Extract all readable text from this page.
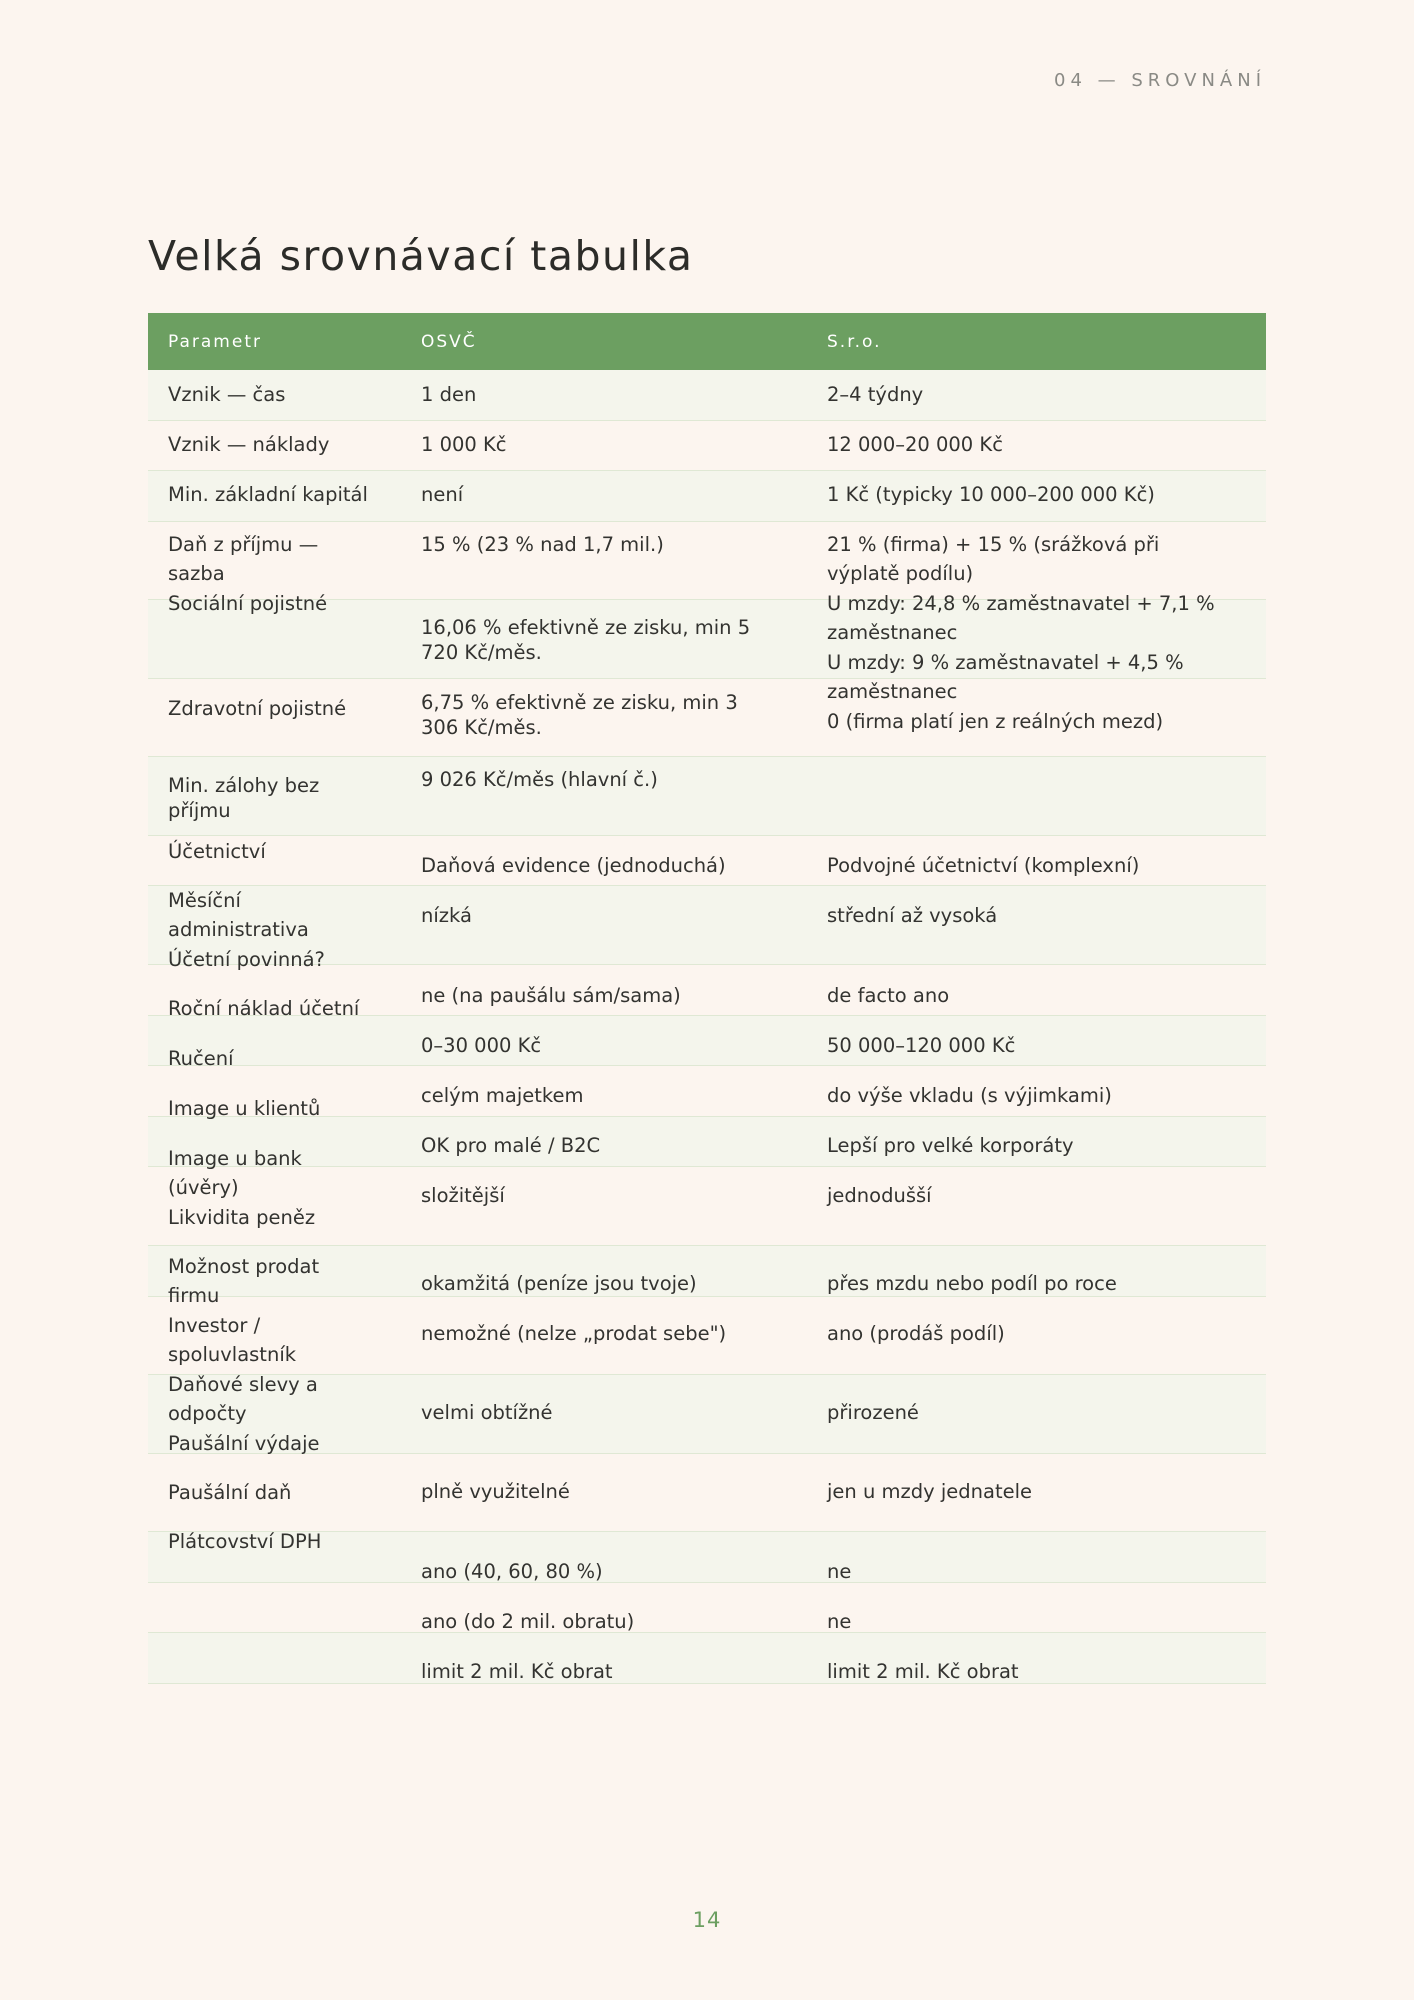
04 — SROVNÁNÍ
Velká srovnávací tabulka
Parametr	OSVČ	S.r.o.
Vznik — čas
Vznik — náklady
Min. základní kapitál
Daň z příjmu — sazba
Sociální pojistné
Zdravotní pojistné
Min. zálohy bez příjmu
Účetnictví
Měsíční administrativa
Účetní povinná?
Roční náklad účetní
Ručení
Image u klientů
Image u bank (úvěry)
Likvidita peněz
Možnost prodat firmu
Investor / spoluvlastník
Daňové slevy a odpočty
Paušální výdaje
Paušální daň
Plátcovství DPH
1 den
1 000 Kč
není
15 % (23 % nad 1,7 mil.)
16,06 % efektivně ze zisku, min 5 720 Kč/měs.
6,75 % efektivně ze zisku, min 3 306 Kč/měs.
9 026 Kč/měs (hlavní č.)
Daňová evidence (jednoduchá)
nízká
ne (na paušálu sám/sama)
0–30 000 Kč
celým majetkem
OK pro malé / B2C
složitější
okamžitá (peníze jsou tvoje)
nemožné (nelze „prodat sebe")
velmi obtížné
plně využitelné
ano (40, 60, 80 %)
ano (do 2 mil. obratu)
limit 2 mil. Kč obrat
2–4 týdny
12 000–20 000 Kč
1 Kč (typicky 10 000–200 000 Kč)
21 % (firma) + 15 % (srážková při výplatě podílu)
U mzdy: 24,8 % zaměstnavatel + 7,1 % zaměstnanec
U mzdy: 9 % zaměstnavatel + 4,5 % zaměstnanec
0 (firma platí jen z reálných mezd)
Podvojné účetnictví (komplexní)
střední až vysoká
de facto ano
50 000–120 000 Kč
do výše vkladu (s výjimkami)
Lepší pro velké korporáty
jednodušší
přes mzdu nebo podíl po roce
ano (prodáš podíl)
přirozené
jen u mzdy jednatele
ne
ne
limit 2 mil. Kč obrat
14
